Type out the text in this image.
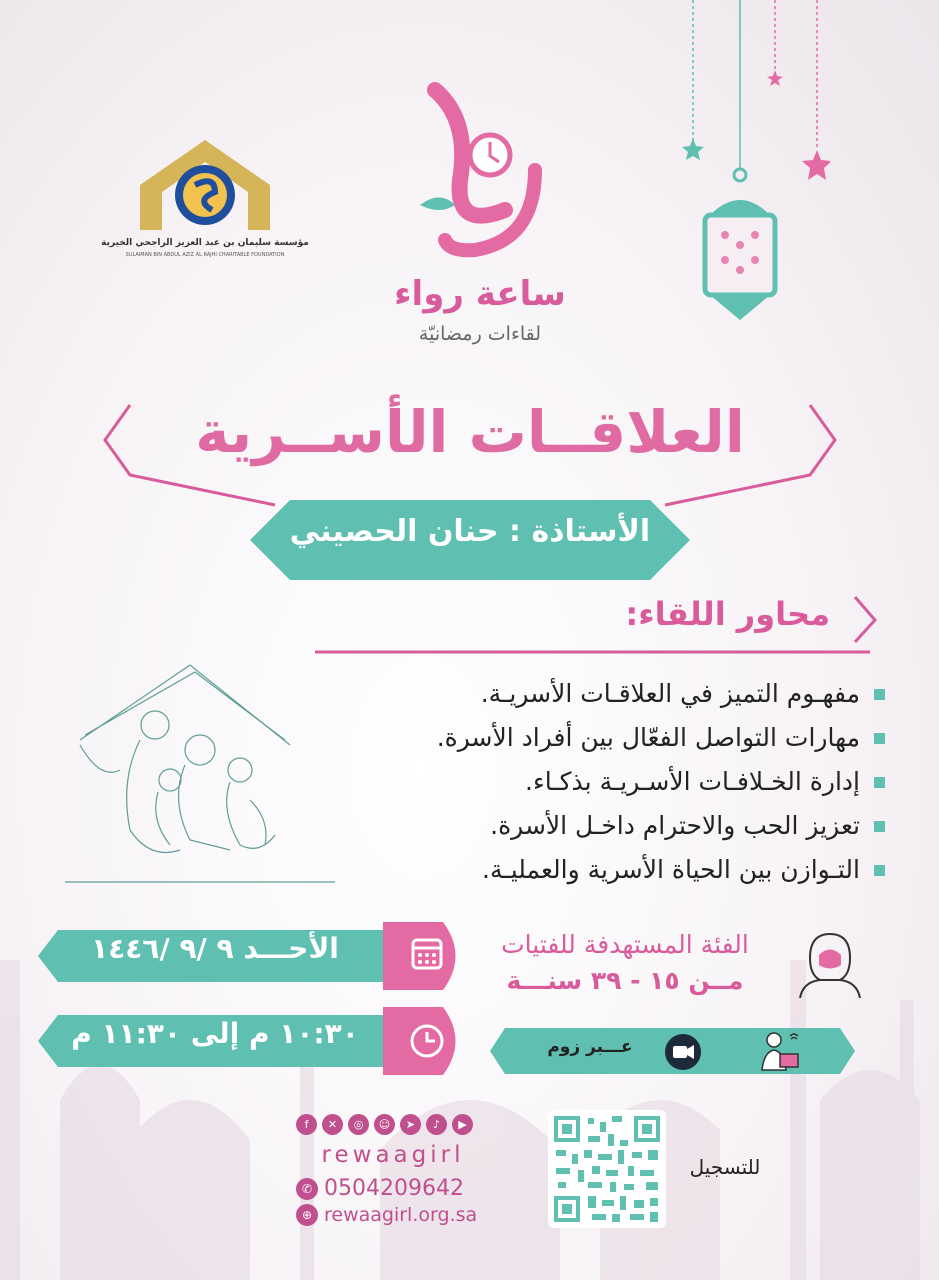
مؤسسة سليمان بن عبد العزيز الراجحي الخيرية
SULAIMAN BIN ABDUL AZIZ AL RAJHI CHARITABLE FOUNDATION
ساعة رواء
لقاءات رمضانيّة
العلاقــات الأســرية
الأستاذة : حنان الحصيني
محاور اللقاء:
مفهـوم التميز في العلاقـات الأسريـة.
مهارات التواصل الفعّال بين أفراد الأسرة.
إدارة الخـلافـات الأسـريـة بذكـاء.
تعزيز الحب والاحترام داخـل الأسرة.
التـوازن بين الحياة الأسرية والعمليـة.
الأحـــد ٩ /٩ /١٤٤٦
١٠:٣٠ م إلى ١١:٣٠ م
الفئة المستهدفة للفتيات
مــن ١٥ - ٣٩ سنـــة
عـــبر زوم
f	✕	◎	☺	➤	♪	▶
rewaagirl
✆ 0504209642
⊕ rewaagirl.org.sa
للتسجيل
